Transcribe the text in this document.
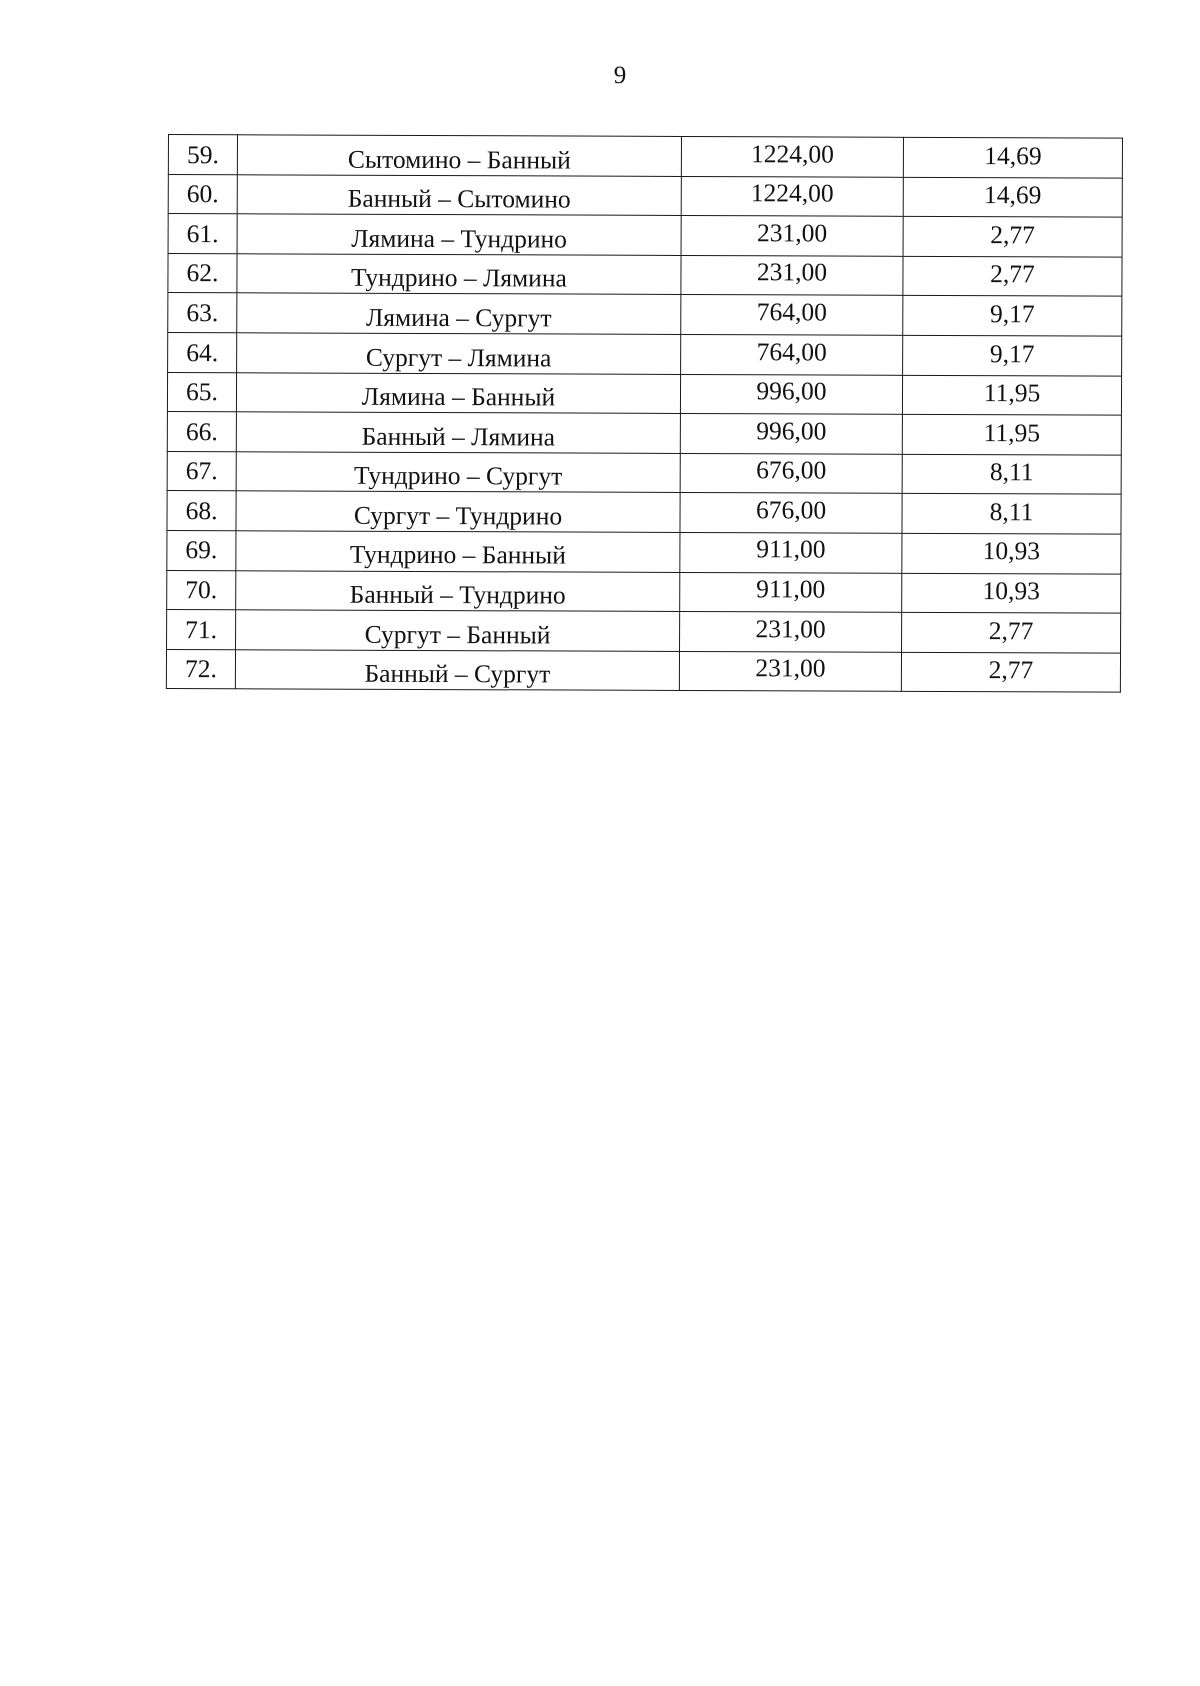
9
59.	Сытомино – Банный	1224,00	14,69
60.	Банный – Сытомино	1224,00	14,69
61.	Лямина – Тундрино	231,00	2,77
62.	Тундрино – Лямина	231,00	2,77
63.	Лямина – Сургут	764,00	9,17
64.	Сургут – Лямина	764,00	9,17
65.	Лямина – Банный	996,00	11,95
66.	Банный – Лямина	996,00	11,95
67.	Тундрино – Сургут	676,00	8,11
68.	Сургут – Тундрино	676,00	8,11
69.	Тундрино – Банный	911,00	10,93
70.	Банный – Тундрино	911,00	10,93
71.	Сургут – Банный	231,00	2,77
72.	Банный – Сургут	231,00	2,77
